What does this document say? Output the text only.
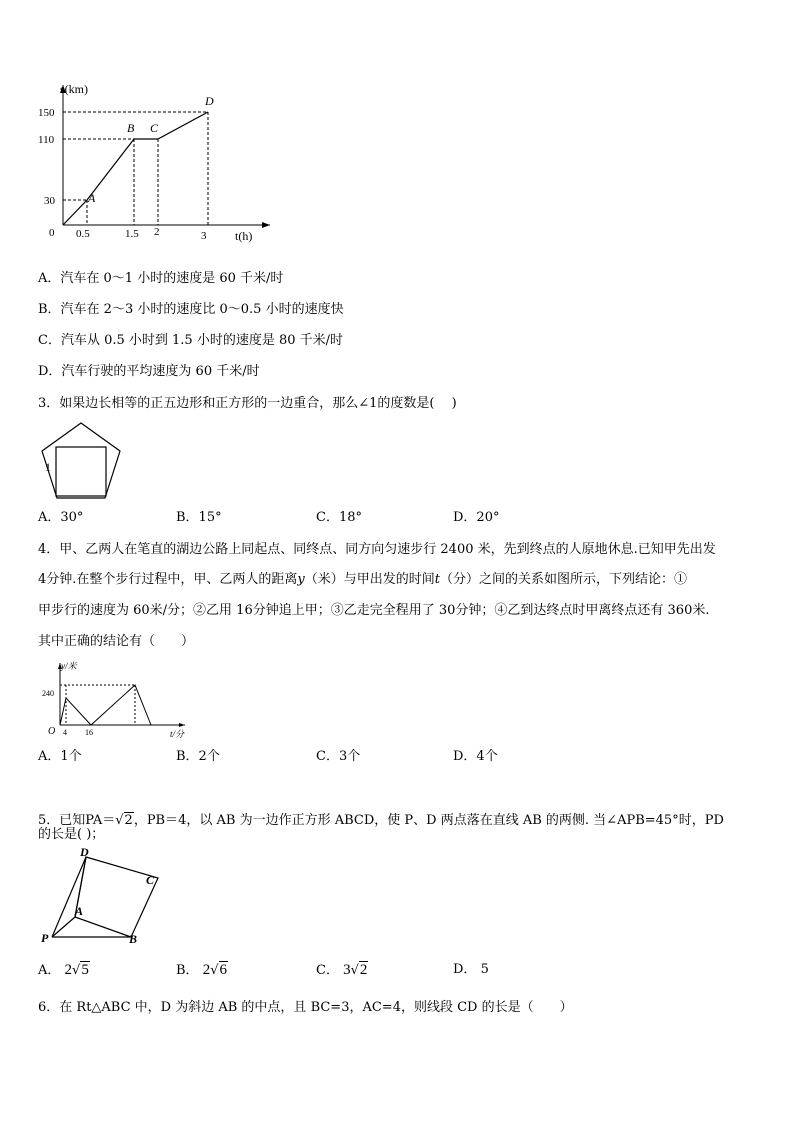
s(km)
t(h)
0
150
110
30
0.5	1.5 2	3
A
B C
D
A．汽车在 0～1 小时的速度是 60 千米/时
B．汽车在 2～3 小时的速度比 0～0.5 小时的速度快
C．汽车从 0.5 小时到 1.5 小时的速度是 80 千米/时
D．汽车行驶的平均速度为 60 千米/时
3．如果边长相等的正五边形和正方形的一边重合，那么∠1的度数是(　 )
1
A．30°	B．15°	C．18°	D．20°
4．甲、乙两人在笔直的湖边公路上同起点、同终点、同方向匀速步行 2400 米，先到终点的人原地休息.已知甲先出发
4分钟.在整个步行过程中，甲、乙两人的距离y（米）与甲出发的时间t（分）之间的关系如图所示，下列结论：①
甲步行的速度为 60米/分；②乙用 16分钟追上甲；③乙走完全程用了 30分钟；④乙到达终点时甲离终点还有 360米.
其中正确的结论有（　　）
y/米
t/分
O
240
4 16
A．1个	B．2个	C．3个	D．4个
5．已知PA＝√2，PB＝4，以 AB 为一边作正方形 ABCD，使 P、D 两点落在直线 AB 的两侧. 当∠APB=45°时，PD
的长是( )；
D
C
A
P	B
A． 2√5	B． 2√6	C． 3√2	D． 5
6．在 Rt△ABC 中，D 为斜边 AB 的中点，且 BC=3，AC=4，则线段 CD 的长是（　　）
